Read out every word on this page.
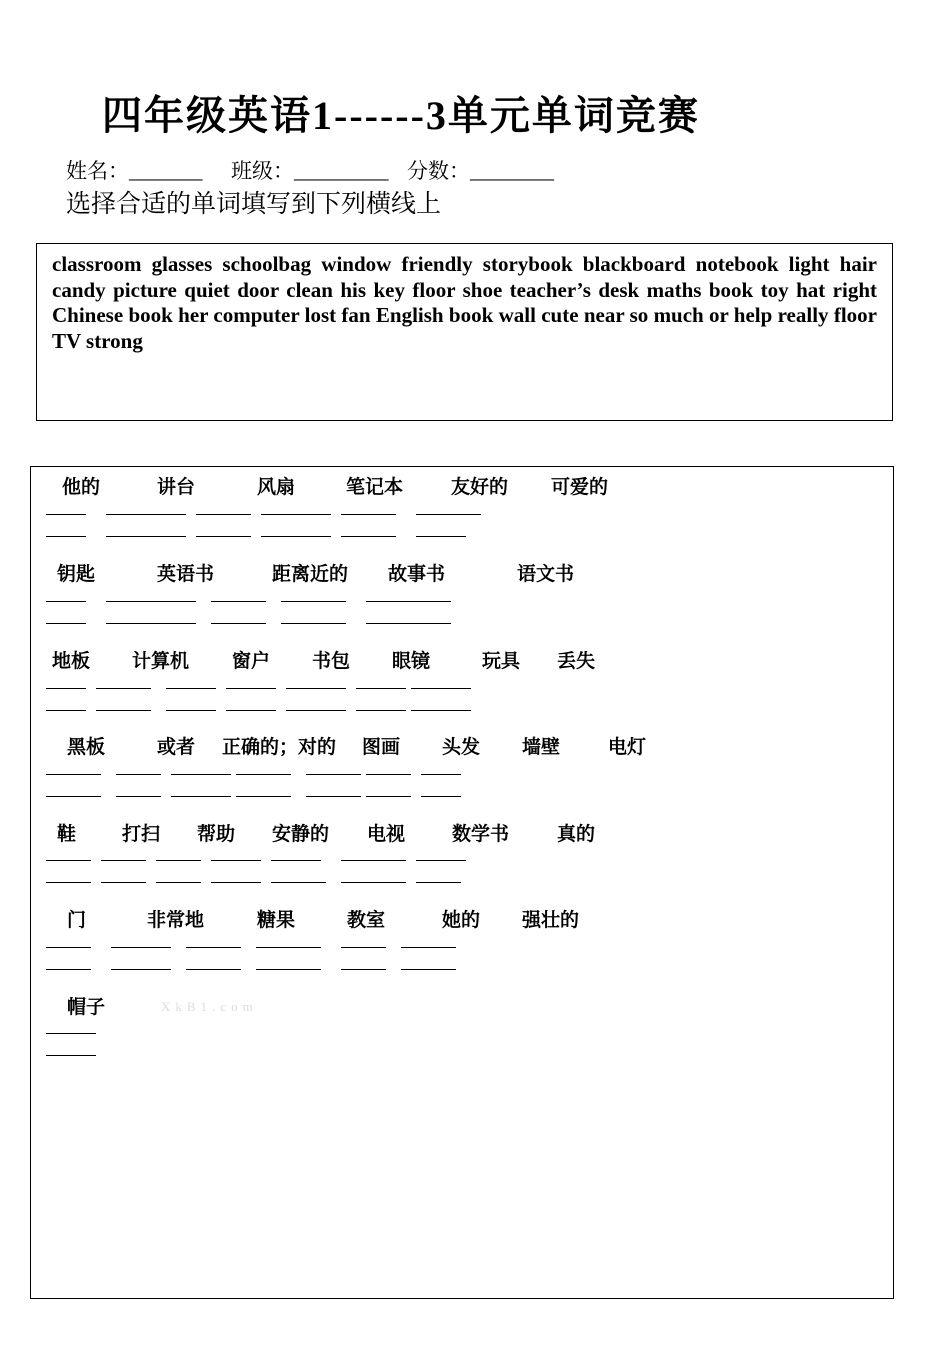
四年级英语1------3单元单词竞赛
姓名：_______ 班级：_________ 分数：________
选择合适的单词填写到下列横线上
classroom glasses schoolbag window friendly storybook blackboard notebook light hair candy picture quiet door clean his key floor shoe teacher’s desk maths book toy hat right Chinese book her computer lost fan English book wall cute near so much or help really floor TV strong
他的	讲台	风扇	笔记本	友好的 可爱的
钥匙	英语书	距离近的 故事书	语文书
地板 计算机 窗户 书包 眼镜	玩具 丢失
黑板	或者 正确的；对的 图画 头发 墙壁	电灯
鞋 打扫 帮助 安静的 电视 数学书	真的
门	非常地	糖果	教室	她的 强壮的
帽子	XkB1.com
